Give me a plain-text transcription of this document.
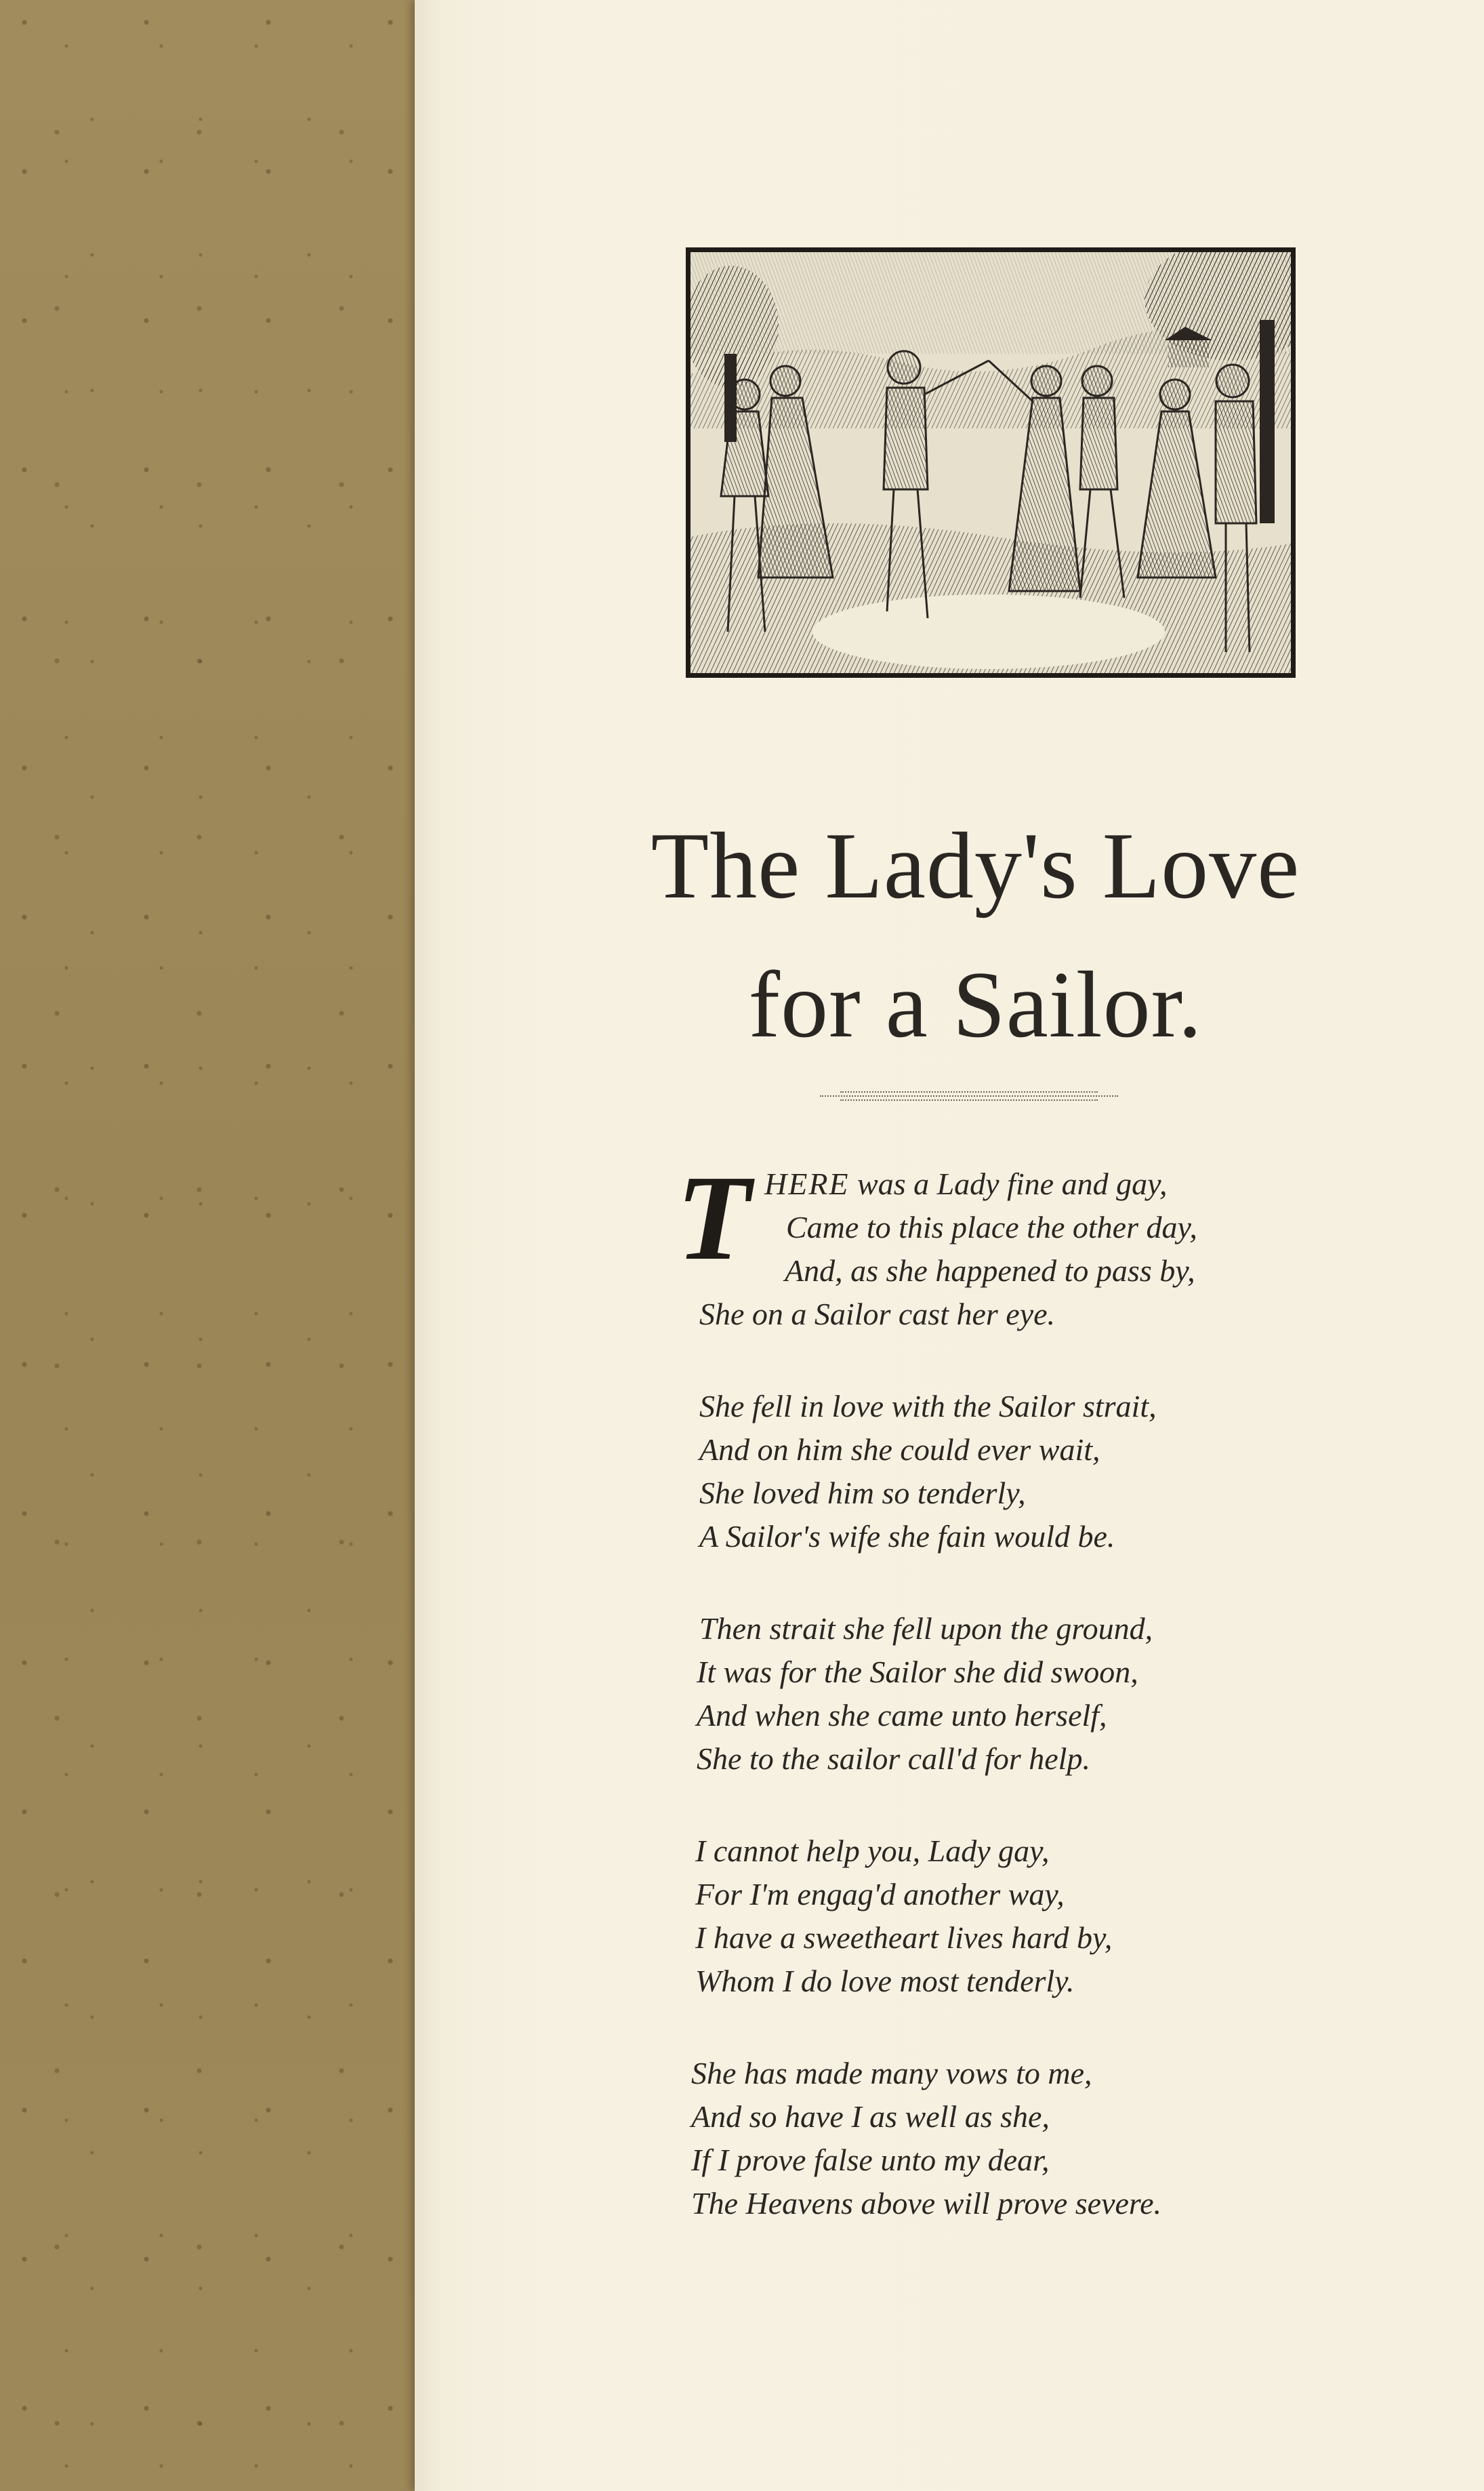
The Lady's Love
for a Sailor.
T HERE was a Lady fine and gay,
Came to this place the other day,
And, as she happened to pass by,
She on a Sailor cast her eye.
She fell in love with the Sailor strait,
And on him she could ever wait,
She loved him so tenderly,
A Sailor's wife she fain would be.
Then strait she fell upon the ground,
It was for the Sailor she did swoon,
And when she came unto herself,
She to the sailor call'd for help.
I cannot help you, Lady gay,
For I'm engag'd another way,
I have a sweetheart lives hard by,
Whom I do love most tenderly.
She has made many vows to me,
And so have I as well as she,
If I prove false unto my dear,
The Heavens above will prove severe.
